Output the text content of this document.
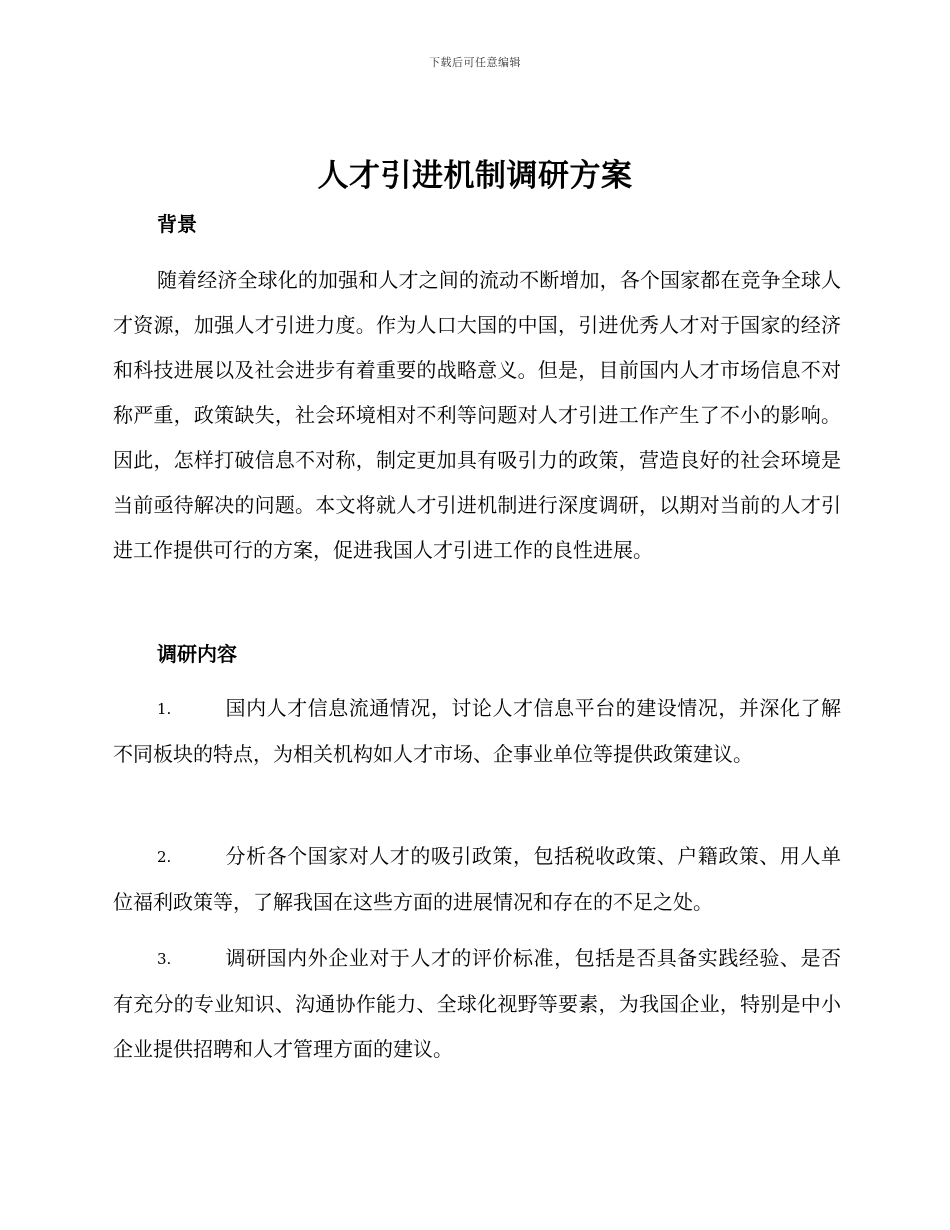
下载后可任意编辑
人才引进机制调研方案
背景

随着经济全球化的加强和人才之间的流动不断增加，各个国家都在竞争全球人才资源，加强人才引进力度。作为人口大国的中国，引进优秀人才对于国家的经济和科技进展以及社会进步有着重要的战略意义。但是，目前国内人才市场信息不对称严重，政策缺失，社会环境相对不利等问题对人才引进工作产生了不小的影响。因此，怎样打破信息不对称，制定更加具有吸引力的政策，营造良好的社会环境是当前亟待解决的问题。本文将就人才引进机制进行深度调研，以期对当前的人才引进工作提供可行的方案，促进我国人才引进工作的良性进展。

调研内容

1.	国内人才信息流通情况，讨论人才信息平台的建设情况，并深化了解不同板块的特点，为相关机构如人才市场、企事业单位等提供政策建议。

2.	分析各个国家对人才的吸引政策，包括税收政策、户籍政策、用人单位福利政策等，了解我国在这些方面的进展情况和存在的不足之处。

3.	调研国内外企业对于人才的评价标准，包括是否具备实践经验、是否有充分的专业知识、沟通协作能力、全球化视野等要素，为我国企业，特别是中小企业提供招聘和人才管理方面的建议。
